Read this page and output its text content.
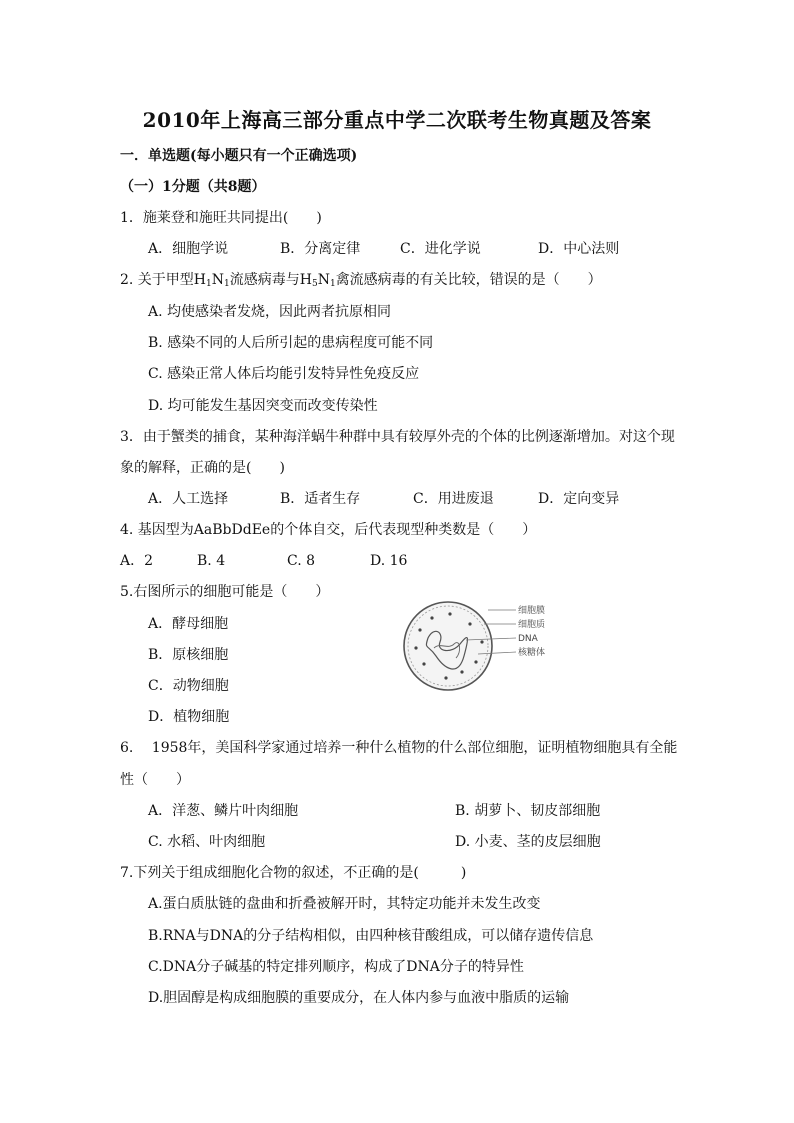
2010年上海高三部分重点中学二次联考生物真题及答案
一．单选题(每小题只有一个正确选项)
（一）1分题（共8题）
1．施莱登和施旺共同提出(　　)
A．细胞学说	B．分离定律	C．进化学说	D．中心法则
2. 关于甲型$H_1N_1$流感病毒与$H_5N_1$禽流感病毒的有关比较，错误的是（　　）
A. 均使感染者发烧，因此两者抗原相同
B. 感染不同的人后所引起的患病程度可能不同
C. 感染正常人体后均能引发特异性免疫反应
D. 均可能发生基因突变而改变传染性
3．由于蟹类的捕食，某种海洋蜗牛种群中具有较厚外壳的个体的比例逐渐增加。对这个现
象的解释，正确的是(　　)
A．人工选择	B．适者生存	C．用进废退	D．定向变异
4. 基因型为AaBbDdEe的个体自交，后代表现型种类数是（　　）
A．2	B. 4	C. 8	D. 16
5.右图所示的细胞可能是（　　）
A．酵母细胞
B．原核细胞
C．动物细胞
D．植物细胞
细胞膜
细胞质
DNA
核糖体
6.　 1958年，美国科学家通过培养一种什么植物的什么部位细胞，证明植物细胞具有全能
性（　　）
A．洋葱、鳞片叶肉细胞	B. 胡萝卜、韧皮部细胞
C. 水稻、叶肉细胞	D. 小麦、茎的皮层细胞
7.下列关于组成细胞化合物的叙述，不正确的是(　　　)
A.蛋白质肽链的盘曲和折叠被解开时，其特定功能并未发生改变
B.RNA与DNA的分子结构相似，由四种核苷酸组成，可以储存遗传信息
C.DNA分子碱基的特定排列顺序，构成了DNA分子的特异性
D.胆固醇是构成细胞膜的重要成分，在人体内参与血液中脂质的运输
